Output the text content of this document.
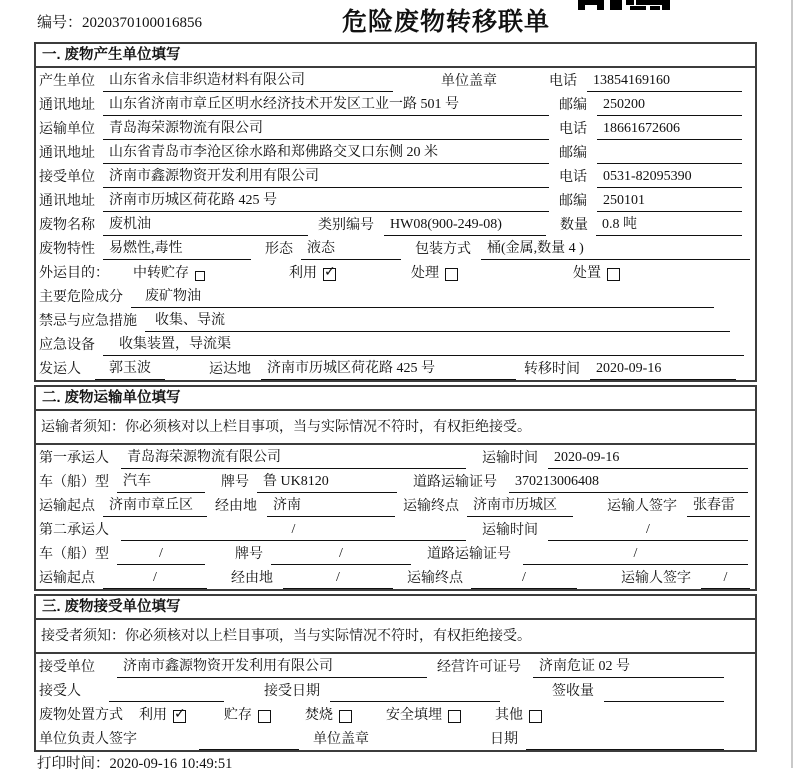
编号：2020370100016856	危险废物转移联单
一. 废物产生单位填写
产生单位	山东省永信非织造材料有限公司	单位盖章	电话	13854169160
通讯地址	山东省济南市章丘区明水经济技术开发区工业一路 501 号	邮编	250200
运输单位	青岛海荣源物流有限公司	电话	18661672606
通讯地址	山东省青岛市李沧区徐水路和郑佛路交叉口东侧 20 米	邮编
接受单位	济南市鑫源物资开发利用有限公司	电话	0531-82095390
通讯地址	济南市历城区荷花路 425 号	邮编	250101
废物名称	废机油	类别编号	HW08(900-249-08)	数量	0.8 吨
废物特性	易燃性,毒性	形态	液态	包装方式	桶(金属,数量 4 )
外运目的：	中转贮存	利用 ✓	处理	处置
主要危险成分	废矿物油
禁忌与应急措施	收集、导流
应急设备	收集装置，导流渠
发运人	郭玉波	运达地	济南市历城区荷花路 425 号	转移时间	2020-09-16
二. 废物运输单位填写
运输者须知：你必须核对以上栏目事项，当与实际情况不符时，有权拒绝接受。
第一承运人	青岛海荣源物流有限公司	运输时间	2020-09-16
车（船）型	汽车	牌号	鲁 UK8120	道路运输证号	370213006408
运输起点	济南市章丘区	经由地	济南	运输终点	济南市历城区	运输人签字	张春雷
第二承运人	/	运输时间	/
车（船）型	/	牌号	/	道路运输证号	/
运输起点	/	经由地	/	运输终点	/	运输人签字	/
三. 废物接受单位填写
接受者须知：你必须核对以上栏目事项，当与实际情况不符时，有权拒绝接受。
接受单位	济南市鑫源物资开发利用有限公司	经营许可证号	济南危证 02 号
接受人	接受日期	签收量
废物处置方式 利用 ✓	贮存	焚烧	安全填埋	其他
单位负责人签字	单位盖章	日期
打印时间：2020-09-16 10:49:51
